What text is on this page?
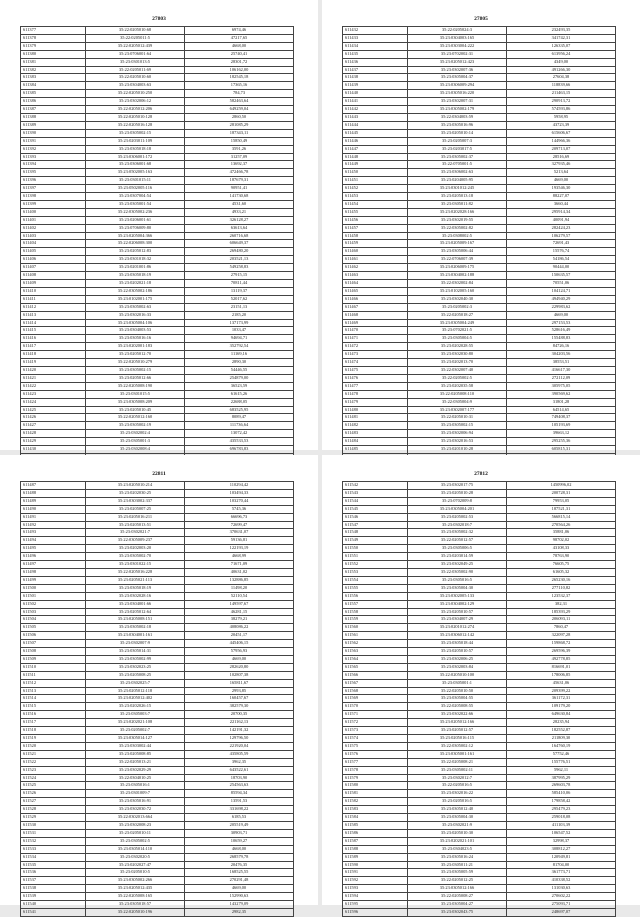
27803
611377	35:22:0205010:68	6974,46
611378	35:22:0205011:5	47217,65
611379	35:22:0205012:439	4668,00
611380	35:23:0706001:64	25740,41
611381	35:23:0301013:5	28301,72
611382	35:22:0205011:69	106162,00
611383	35:22:0205010:60	182545,18
611384	35:23:0304003:63	17365,16
611385	35:22:0205010:250	784,73
611386	35:23:0302006:12	582463,64
611387	35:22:0205012:206	649259,04
611388	35:22:0205010:128	2860,50
611389	35:22:0205016:128	281085,29
611390	35:23:0305002:15	187343,11
611391	35:23:0203011:109	15850,49
611392	35:23:0305018:18	3591,26
611393	35:23:0306001:172	31257,09
611394	35:23:0306001:68	13692,37
611395	35:23:0502005:163	472466,78
611396	35:23:0301015:11	187679,31
611397	35:23:0502005:116	90951,41
611398	35:23:0307004:54	141730,68
611399	35:23:0305001:54	4531,60
611400	35:22:0305002:236	4933,21
611401	35:23:0206001:61	326128,27
611402	35:23:0706009:80	63613,64
611403	35:23:0205004:366	260716,68
611404	35:22:0206008:300	606649,37
611405	35:23:0205012:83	269480,20
611406	35:23:0301018:32	203521,13
611407	35:23:0201001:86	549258,83
611408	35:23:0305018:19	27915,15
611409	35:23:0202021:18	70811,44
611410	35:22:0305002:186	13119,37
611411	35:23:0102001:175	52017,62
611412	35:23:0305002:63	23151,13
611413	35:23:0302016:33	2185,20
611414	35:23:0305004:106	137173,99
611415	35:23:0304003:53	1033,47
611416	35:23:0305016:16	94694,71
611417	35:23:0202001:183	352792,54
611418	35:23:0205012:70	11169,16
611419	35:22:0205010:279	2890,30
611420	35:23:0305002:15	54446,55
611421	35:23:0205012:66	254879,00
611422	35:22:0205008:190	36523,59
611423	35:23:0301015:5	61615,26
611424	35:23:0305008:209	22688,05
611425	35:23:0205010:45	683525,95
611426	35:22:0205012:160	8089,47
611427	35:23:0305002:19	111736,64
611428	35:23:0302002:4	13072,42
611429	35:23:0305001:3	435533,53
611430	35:23:0302008:4	696783,83

27805
611432	35:22:0205024:3	232493,35
611433	35:23:0304003:165	341742,31
611434	35:23:0303004:222	126335,07
611435	35:23:0702002:31	613956,24
611436	35:23:0205012:423	4349,00
611437	35:23:0302007:36	491266,30
611438	35:23:0305004:37	27604,38
611439	35:23:0306009:294	118839,66
611440	35:23:0305016:220	211463,15
611441	35:23:0302007:31	290913,72
611442	35:23:0305002:179	574593,86
611443	35:22:0304003:59	5958,95
611444	35:23:0305016:96	43723,39
611445	35:23:0205010:14	615606,67
611446	35:23:0205007:3	144966,36
611447	35:23:0203017:5	209713,07
611448	35:23:0305002:37	28516,69
611449	35:22:0705001:5	327935,46
611450	35:23:0306002:63	5213,64
611451	35:23:0204005:95	4669,00
611452	35:23:0301012:245	193546,30
611453	35:23:0205013:18	88227,07
611454	35:23:0305011:82	3660,44
611455	35:23:0202028:166	295914,34
611456	35:23:0302019:55	40091,94
611457	35:22:0305002:82	282424,23
611458	35:23:0308002:5	106279,57
611459	35:23:0205009:167	72691,43
611460	35:23:0305006:44	15576,74
611461	35:22:0706007:39	54186,54
611462	35:23:0206009:175	90444,00
611463	35:23:0304002:188	150635,57
611464	35:22:0302002:84	70551,06
611465	35:23:0102005:160	104124,71
611466	35:23:0302040:30	494940,29
611467	35:23:0205002:3	229983,62
611468	35:22:0205018:27	4669,00
611469	35:23:0305004:249	297153,53
611470	35:23:0702021:5	528616,49
611471	35:23:0305004:5	155488,83
611472	35:23:0202028:55	84726,16
611473	35:23:0302030:80	304203,56
611474	35:23:0202013:70	38553,51
611475	35:22:0302007:40	416617,30
611476	35:22:0205002:5	272112,09
611477	35:23:0202035:58	305975,05
611478	35:22:0205008:110	390569,62
611479	35:22:0305004:9	31801,28
611480	35:23:0302007:177	64514,65
611481	35:22:0205010:31	749408,37
611482	35:23:0305002:15	105193,69
611483	35:23:0302006:94	39663,12
611484	35:23:0302016:53	295255,36
611485	35:23:0201010:28	605815,31

22811
611487	35:23:0205010:214	110294,42
611488	35:23:0202030:25	103494,33
611489	35:23:0303002:337	103270,44
611490	35:23:0205007:25	5745,36
611491	35:23:0205016:211	66696,73
611492	35:23:0205013:51	72699,47
611493	35:23:0302021:7	370631,07
611494	35:22:0305009:237	59136,81
611495	35:23:0202003:20	122193,19
611496	35:23:0305002:70	4668,99
611497	35:23:0301022:15	71671,09
611498	35:22:0205016:228	40631,02
611499	35:23:0205021:113	132886,85
611500	35:23:0305018:19	11498,20
611501	35:23:0302028:16	52110,54
611502	35:23:0304001:66	149597,67
611503	35:23:0205012:64	46281,15
611504	35:23:0205008:151	38279,21
611505	35:23:0305002:18	408086,22
611506	35:23:0304001:161	20451,17
611507	35:23:0302007:9	445406,15
611508	35:23:0305014:31	57956,93
611509	35:23:0305002:99	4669,00
611510	35:23:0302023:25	282620,80
611511	35:23:0205008:25	102807,38
611512	35:23:0302025:7	165811,67
611513	35:23:0205012:118	2993,85
611514	35:23:0205012:402	160457,67
611515	35:23:0202026:15	382579,30
611516	35:23:0305003:7	20700,35
611517	35:23:0202021:108	221162,13
611518	35:23:0205002:7	142191,32
611519	35:23:0305014:127	129796,50
611520	35:23:0303002:44	221920,04
611521	35:23:0205008:85	435805,59
611522	35:22:0205013:21	3962,35
611523	35:23:0302029:29	643522,61
611524	35:22:0304010:25	18703,90
611525	35:23:0305016:1	254563,63
611526	35:23:0301009:7	85594,34
611527	35:23:0305016:91	13591,53
611528	35:23:0302030:72	331698,22
611529	35:22:0302013:664	6185,53
611530	35:23:0302008:23	205519,49
611531	35:23:0205010:11	30903,71
611532	35:23:0305002:5	10659,27
611533	35:23:0305014:110	4668,00
611534	35:23:0302020:5	268579,78
611535	35:23:0202027:47	20476,35
611536	35:23:0205010:5	168525,55
611537	35:23:0305002:266	270291,48
611538	35:23:0205012:435	4669,00
611539	35:22:0205008:165	152990,63
611540	35:23:0305018:57	143279,09
611541	35:22:0205010:196	2982,35
27812
611542	35:23:0302017:75	1450996,02
611543	35:23:0205010:28	200728,31
611544	35:23:0702009:8	79953,05
611545	35:23:0305004:201	187521,31
611546	35:23:0205002:53	566815,14
611547	35:23:0302018:7	270564,26
611548	35:23:0305002:32	35881,06
611549	35:22:0205012:57	98702,02
611550	35:23:0305006:5	43108,33
611551	35:23:0203014:59	78763,90
611552	35:23:0302049:25	76605,75
611553	35:22:0305002:90	61605,32
611554	35:23:0305016:5	265230,16
611555	35:23:0305004:30	277110,82
611556	35:23:0302005:133	123532,37
611557	35:23:0304002:129	382,31
611558	35:23:0205010:57	185393,29
611559	35:23:0304007:29	206093,11
611560	35:23:0201012:274	7860,47
611561	35:23:0306012:142	322097,28
611562	35:23:0305018:44	159868,72
611563	35:23:0205010:57	269596,39
611564	35:23:0302006:25	492778,85
611565	35:23:0302003:84	816691,01
611566	35:22:0205010:100	178006,85
611567	35:23:0305001:1	45631,06
611568	35:22:0205010:50	209399,22
611569	35:23:0305004:55	361172,31
611570	35:22:0205008:55	109179,20
611571	35:23:0302022:66	649630,84
611572	35:23:0205012:166	28235,94
611573	35:23:0205012:57	182552,87
611574	35:23:0205016:115	211809,30
611575	35:22:0305002:12	164760,19
611576	35:23:0305001:161	57752,46
611577	35:22:0205008:21	155776,51
611578	35:23:0305002:11	5962,11
611579	35:23:0302012:7	387995,29
611580	35:22:0205016:5	269603,78
611581	35:23:0302016:22	585410,06
611582	35:23:0205016:5	179858,42
611583	35:23:0305012:40	295479,23
611584	35:23:0305004:30	259018,08
611585	35:23:0302021:9	411103,39
611586	35:23:0205010:30	106547,52
611587	35:23:0202021:101	32998,37
611588	35:23:0304023:5	308812,27
611589	35:23:0305016:24	120949,81
611590	35:23:0305011:21	81704,00
611591	35:23:0305005:59	361773,71
611592	35:22:0205012:25	410338,52
611593	35:23:0305012:166	131030,63
611594	35:22:0205008:27	270602,22
611595	35:23:0305004:27	275093,71
611596	35:23:0302043:75	248697,07
